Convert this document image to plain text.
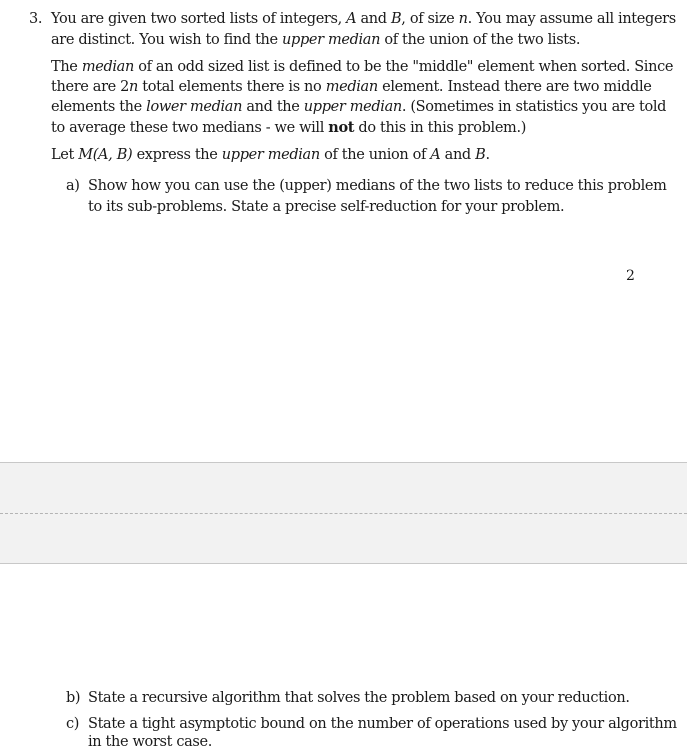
3. You are given two sorted lists of integers, A and B, of size n. You may assume all integers
are distinct. You wish to find the upper median of the union of the two lists.
The median of an odd sized list is defined to be the "middle" element when sorted. Since
there are 2n total elements there is no median element. Instead there are two middle
elements the lower median and the upper median. (Sometimes in statistics you are told
to average these two medians - we will not do this in this problem.)
Let M(A, B) express the upper median of the union of A and B.
a) Show how you can use the (upper) medians of the two lists to reduce this problem
to its sub-problems. State a precise self-reduction for your problem.
2
b) State a recursive algorithm that solves the problem based on your reduction.
c) State a tight asymptotic bound on the number of operations used by your algorithm
in the worst case.
